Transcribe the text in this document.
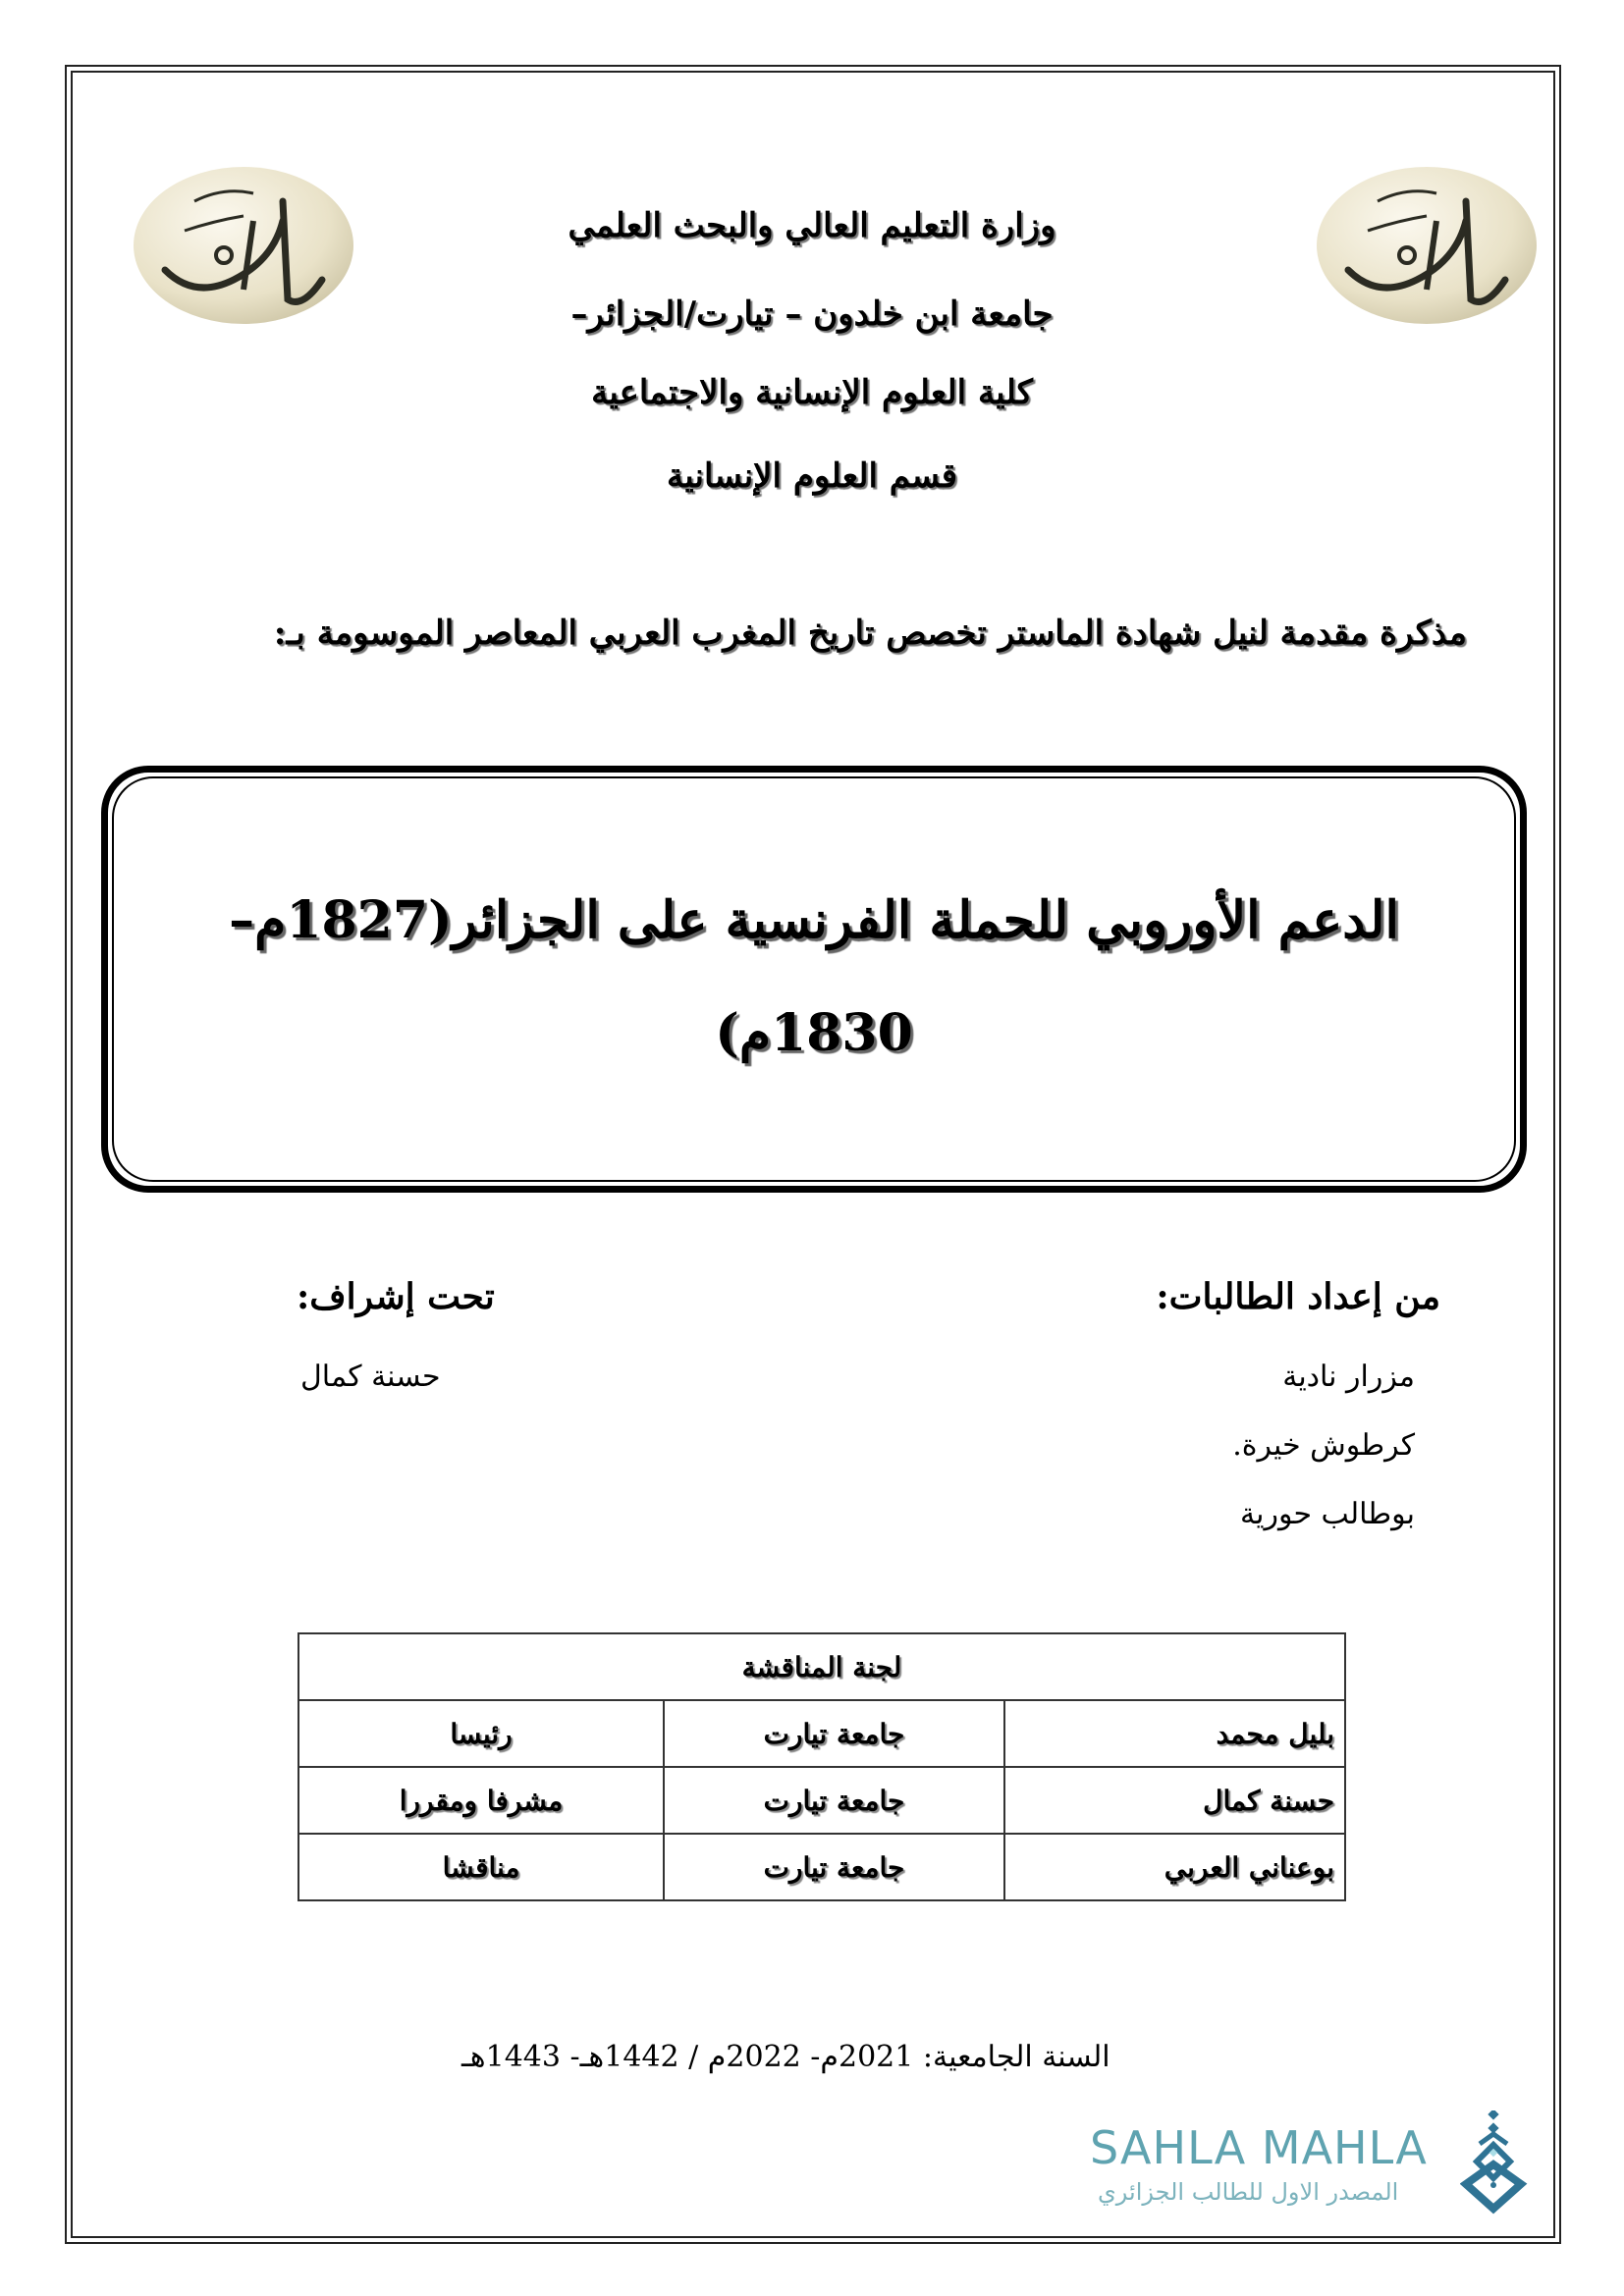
وزارة التعليم العالي والبحث العلمي
جامعة ابن خلدون – تيارت/الجزائر–
كلية العلوم الإنسانية والاجتماعية
قسم العلوم الإنسانية
مذكرة مقدمة لنيل شهادة الماستر تخصص تاريخ المغرب العربي المعاصر الموسومة بـ:
الدعم الأوروبي للحملة الفرنسية على الجزائر(1827م–
1830م)
من إعداد الطالبات:
مزرار نادية
كرطوش خيرة.
بوطالب حورية
تحت إشراف:
حسنة كمال
لجنة المناقشة		
بليل محمد	جامعة تيارت	رئيسا
حسنة كمال	جامعة تيارت	مشرفا ومقررا
بوعناني العربي	جامعة تيارت	مناقشا
السنة الجامعية: 2021م- 2022م / 1442هـ- 1443هـ
SAHLA MAHLA
المصدر الاول للطالب الجزائري
